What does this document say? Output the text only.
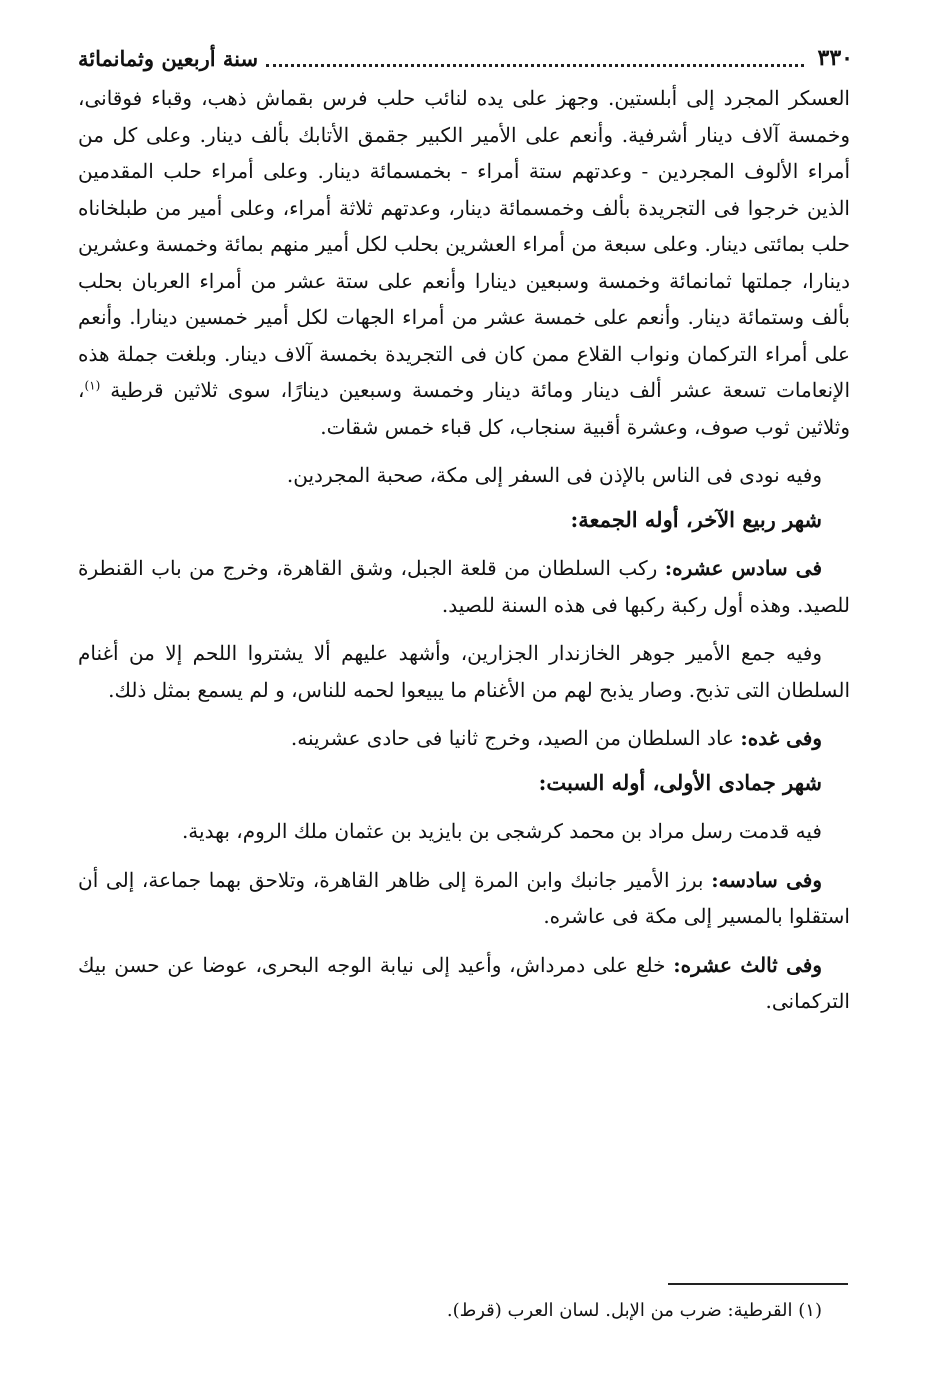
٣٣٠
سنة أربعين وثمانمائة

العسكر المجرد إلى أبلستين. وجهز على يده لنائب حلب فرس بقماش ذهب، وقباء فوقانى، وخمسة آلاف دينار أشرفية. وأنعم على الأمير الكبير جقمق الأتابك بألف دينار. وعلى كل من أمراء الألوف المجردين - وعدتهم ستة أمراء - بخمسمائة دينار. وعلى أمراء حلب المقدمين الذين خرجوا فى التجريدة بألف وخمسمائة دينار، وعدتهم ثلاثة أمراء، وعلى أمير من طبلخاناه حلب بمائتى دينار. وعلى سبعة من أمراء العشرين بحلب لكل أمير منهم بمائة وخمسة وعشرين دينارا، جملتها ثمانمائة وخمسة وسبعين دينارا وأنعم على ستة عشر من أمراء العربان بحلب بألف وستمائة دينار. وأنعم على خمسة عشر من أمراء الجهات لكل أمير خمسين دينارا. وأنعم على أمراء التركمان ونواب القلاع ممن كان فى التجريدة بخمسة آلاف دينار. وبلغت جملة هذه الإنعامات تسعة عشر ألف دينار ومائة دينار وخمسة وسبعين دينارًا، سوى ثلاثين قرطية $^{(١)}$، وثلاثين ثوب صوف، وعشرة أقبية سنجاب، كل قباء خمس شقات.

وفيه نودى فى الناس بالإذن فى السفر إلى مكة، صحبة المجردين.

شهر ربيع الآخر، أوله الجمعة:

فى سادس عشره: ركب السلطان من قلعة الجبل، وشق القاهرة، وخرج من باب القنطرة للصيد. وهذه أول ركبة ركبها فى هذه السنة للصيد.

وفيه جمع الأمير جوهر الخازندار الجزارين، وأشهد عليهم ألا يشتروا اللحم إلا من أغنام السلطان التى تذبح. وصار يذبح لهم من الأغنام ما يبيعوا لحمه للناس، و لم يسمع بمثل ذلك.

وفى غده: عاد السلطان من الصيد، وخرج ثانيا فى حادى عشرينه.

شهر جمادى الأولى، أوله السبت:

فيه قدمت رسل مراد بن محمد كرشجى بن بايزيد بن عثمان ملك الروم، بهدية.

وفى سادسه: برز الأمير جانبك وابن المرة إلى ظاهر القاهرة، وتلاحق بهما جماعة، إلى أن استقلوا بالمسير إلى مكة فى عاشره.

وفى ثالث عشره: خلع على دمرداش، وأعيد إلى نيابة الوجه البحرى، عوضا عن حسن بيك التركمانى.

(١) القرطية: ضرب من الإبل. لسان العرب (قرط).
